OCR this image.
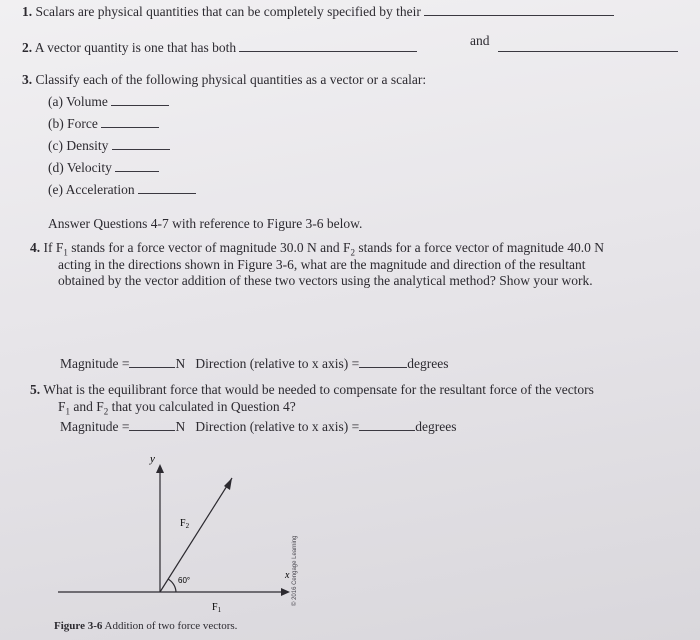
1. Scalars are physical quantities that can be completely specified by their
2. A vector quantity is one that has both	and
3. Classify each of the following physical quantities as a vector or a scalar:
(a) Volume
(b) Force
(c) Density
(d) Velocity
(e) Acceleration
Answer Questions 4-7 with reference to Figure 3-6 below.
4. If $F_1$ stands for a force vector of magnitude 30.0 N and $F_2$ stands for a force vector of magnitude 40.0 N
acting in the directions shown in Figure 3-6, what are the magnitude and direction of the resultant
obtained by the vector addition of these two vectors using the analytical method? Show your work.
Magnitude =	N Direction (relative to x axis) =	degrees
5. What is the equilibrant force that would be needed to compensate for the resultant force of the vectors
$F_1$ and $F_2$ that you calculated in Question 4?
Magnitude =	N Direction (relative to x axis) =	degrees
y
x
$F_2$
60°
$F_1$
© 2016 Cengage Learning
Figure 3-6 Addition of two force vectors.
